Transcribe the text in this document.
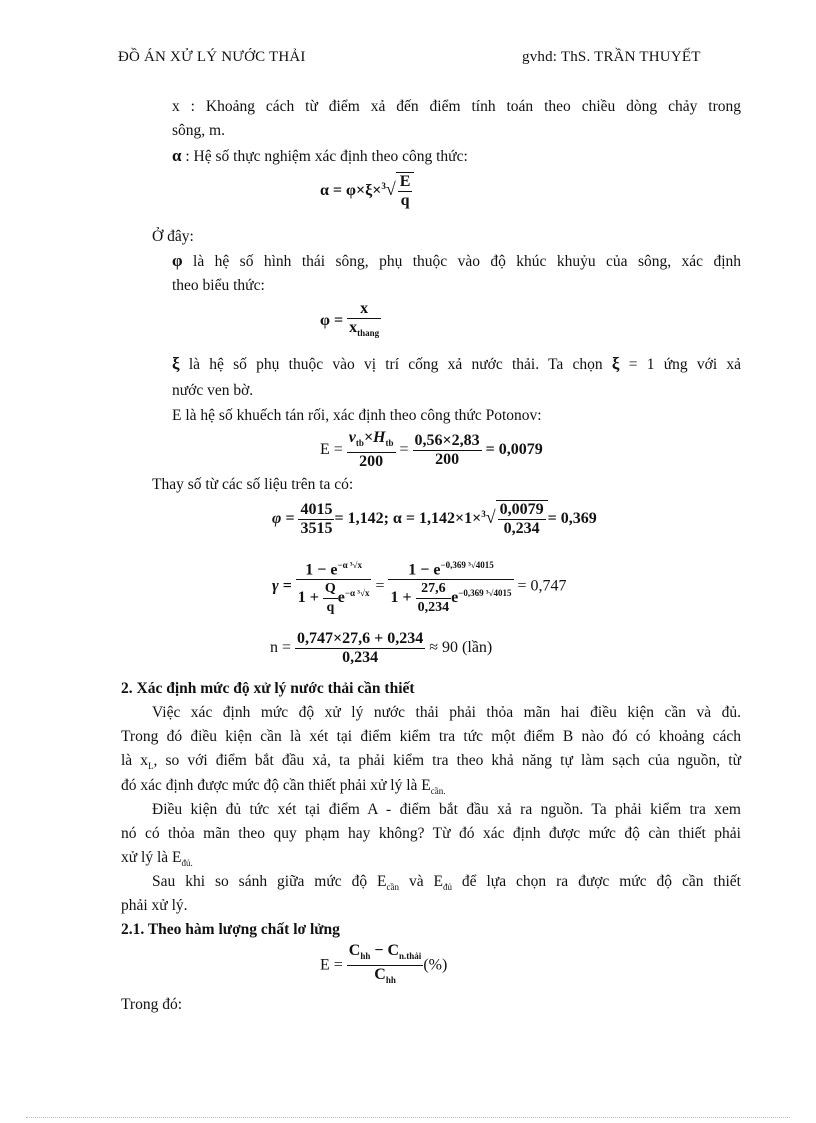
ĐỒ ÁN XỬ LÝ NƯỚC THẢI	gvhd: ThS. TRẦN THUYẾT
x : Khoảng cách từ điểm xả đến điểm tính toán theo chiều dòng chảy trong
sông, m.
α : Hệ số thực nghiệm xác định theo công thức:
$\alpha = \varphi\times\xi\times^3√ \frac{E}{q}$
Ở đây:
φ là hệ số hình thái sông, phụ thuộc vào độ khúc khuỷu của sông, xác định
theo biểu thức:
$\varphi = \frac{x}{x_{thang}}$
ξ là hệ số phụ thuộc vào vị trí cống xả nước thải. Ta chọn ξ = 1 ứng với xả
nước ven bờ.
E là hệ số khuếch tán rối, xác định theo công thức Potonov:
$E = \frac{v_{tb}\times H_{tb}}{200} = \frac{0,56\times 2,83}{200} = 0,0079$
Thay số từ các số liệu trên ta có:
$\varphi = \frac{4015}{3515} = 1,142$; $\alpha = 1,142\times 1\times^3√ \frac{0,0079}{0,234} = 0,369$
$\gamma = \frac{1 - e^{-\alpha ^3√x}}{1 + \frac{Q}{q} e^{-\alpha ^3√x}} = \frac{1 - e^{-0,369 ^3√4015}}{1 + \frac{27,6}{0,234} e^{-0,369 ^3√4015}} = 0,747$
$n = \frac{0,747\times 27,6 + 0,234}{0,234} \approx 90$ (lần)
2. Xác định mức độ xử lý nước thải cần thiết
Việc xác định mức độ xử lý nước thải phải thỏa mãn hai điều kiện cần và đủ.
Trong đó điều kiện cần là xét tại điểm kiểm tra tức một điểm B nào đó có khoảng cách
là $x_L$, so với điểm bắt đầu xả, ta phải kiểm tra theo khả năng tự làm sạch của nguồn, từ
đó xác định được mức độ cần thiết phải xử lý là $E_{cần.}$
Điều kiện đủ tức xét tại điểm A - điểm bắt đầu xả ra nguồn. Ta phải kiểm tra xem
nó có thỏa mãn theo quy phạm hay không? Từ đó xác định được mức độ càn thiết phải
xử lý là $E_{đủ.}$
Sau khi so sánh giữa mức độ $E_{cần}$ và $E_{đủ}$ để lựa chọn ra được mức độ cần thiết
phải xử lý.
2.1. Theo hàm lượng chất lơ lửng
$E = \frac{C_{hh} - C_{n.thải}}{C_{hh}}$ (%)
Trong đó:
